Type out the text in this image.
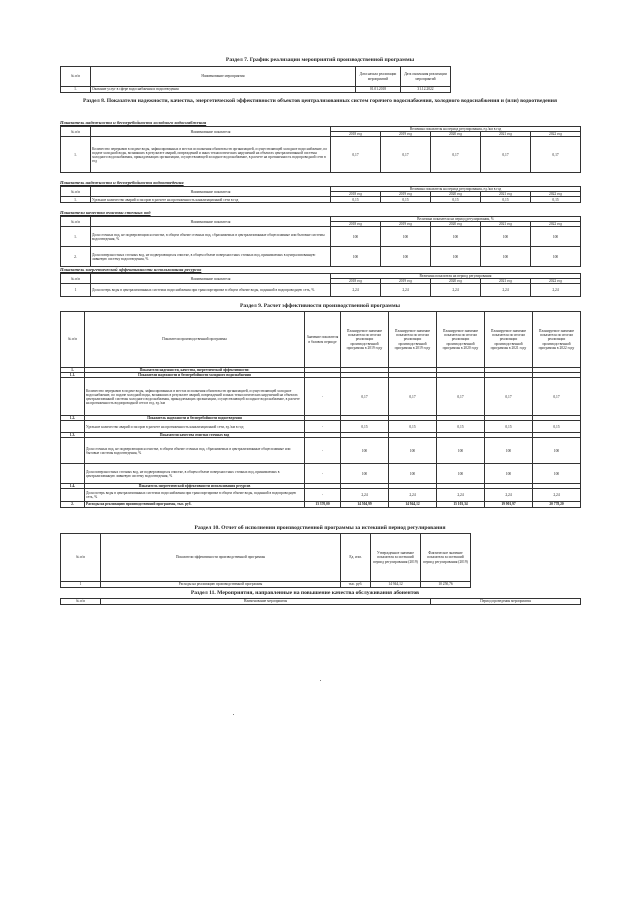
Раздел 7. График реализации мероприятий производственной программы
№ п/п	Наименование мероприятия	Дата начала реализации мероприятий	Дата окончания реализации мероприятий
1.	Оказание услуг в сфере водоснабжения и водоотведения	01.01.2018	31.12.2022
Раздел 8. Показатели надежности, качества, энергетической эффективности объектов централизованных систем горячего водоснабжения, холодного водоснабжения и (или) водоотведения
Показатель надежности и бесперебойности холодного водоснабжения
№ п/п	Наименование показателя	Величина показателя на период регулирования, ед./км в год				
		2018 год	2019 год	2020 год	2021 год	2022 год
1.	Количество перерывов в подаче воды, зафиксированных в местах исполнения обязательств организацией, осуществляющей холодное водоснабжение, по подаче холодной воды, возникших в результате аварий, повреждений и иных технологических нарушений на объектах централизованной системы холодного водоснабжения, принадлежащих организации, осуществляющей холодное водоснабжение, в расчете на протяженность водопроводной сети в год	0,17	0,17	0,17	0,17	0,17
Показатель надежности и бесперебойности водоотведения
№ п/п	Наименование показателя	Величина показателя на период регулирования, ед./км в год				
		2018 год	2019 год	2020 год	2021 год	2022 год
1.	Удельное количество аварий и засоров в расчете на протяженность канализационной сети в год	0,15	0,15	0,15	0,15	0,15
Показатели качества очистки сточных вод
№ п/п	Наименование показателя	Величина показателя на период регулирования, %				
		2018 год	2019 год	2020 год	2021 год	2022 год
1.	Доля сточных вод, не подвергающихся очистке, в общем объеме сточных вод, сбрасываемых в централизованные общесплавные или бытовые системы водоотведения, %	100	100	100	100	100
2.	Доля поверхностных сточных вод, не подвергающихся очистке, в общем объеме поверхностных сточных вод, принимаемых в централизованную ливневую систему водоотведения, %	100	100	100	100	100
Показатель энергетической эффективности использования ресурсов
№ п/п	Наименование показателя	Величина показателя на период регулирования				
		2018 год	2019 год	2020 год	2021 год	2022 год
1	Доля потерь воды в централизованных системах водоснабжения при транспортировке в общем объеме воды, поданной в водопроводную сеть, %	2,24	2,24	2,24	2,24	2,24
Раздел 9. Расчет эффективности производственной программы
№ п/п	Показатели производственной программы	Значение показателя в базовом периоде	Планируемое значение показателя по итогам реализации производственной программы в 2019 году	Планируемое значение показателя по итогам реализации производственной программы в 2019 году	Планируемое значение показателя по итогам реализации производственной программы в 2020 году	Планируемое значение показателя по итогам реализации производственной программы в 2021 году	Планируемое значение показателя по итогам реализации производственной программы в 2022 году
1.	Показатели надежности, качества, энергетической эффективности:						
1.1.	Показатели надежности и бесперебойности холодного водоснабжения						
	Количество перерывов в подаче воды, зафиксированных в местах исполнения обязательств организацией, осуществляющей холодное водоснабжение, по подаче холодной воды, возникших в результате аварий, повреждений и иных технологических нарушений на объектах централизованной системы холодного водоснабжения, принадлежащих организации, осуществляющей холодное водоснабжение, в расчете на протяженность водопроводной сети в год, ед./км	-	0,17	0,17	0,17	0,17	0,17
1.2.	Показатель надежности и бесперебойности водоотведения						
	Удельное количество аварий и засоров в расчете на протяженность канализационной сети, ед./км в год	-	0,15	0,15	0,15	0,15	0,15
1.3.	Показатели качества очистки сточных вод						
	Доля сточных вод, не подвергающихся очистке, в общем объеме сточных вод, сбрасываемых в централизованные общесплавные или бытовые системы водоотведения, %	-	100	100	100	100	100
	Доля поверхностных сточных вод, не подвергающихся очистке, в общем объеме поверхностных сточных вод, принимаемых в централизованную ливневую систему водоотведения, %	-	100	100	100	100	100
1.4.	Показатель энергетической эффективности использования ресурсов						
	Доля потерь воды в централизованных системах водоснабжения при транспортировке в общем объеме воды, поданной в водопроводную сеть, %	-	2,24	2,24	2,24	2,24	2,24
2.	Расходы на реализацию производственной программы, тыс. руб.	13 370,00	14 504,99	14 944,12	15 103,34	19 901,97	20 778,20
Раздел 10. Отчет об исполнении производственной программы за истекший период регулирования
№ п/п	Показатели эффективности производственной программы	Ед. изм.	Утвержденное значение показателя за истекший период регулирования (2019)	Фактическое значение показателя за истекший период регулирования (2019)
1	Расходы на реализацию производственной программы	тыс. руб.	14 944,12	10 250,76
Раздел 11. Мероприятия, направленные на повышение качества обслуживания абонентов
№ п/п	Наименование мероприятия	Период проведения мероприятия
